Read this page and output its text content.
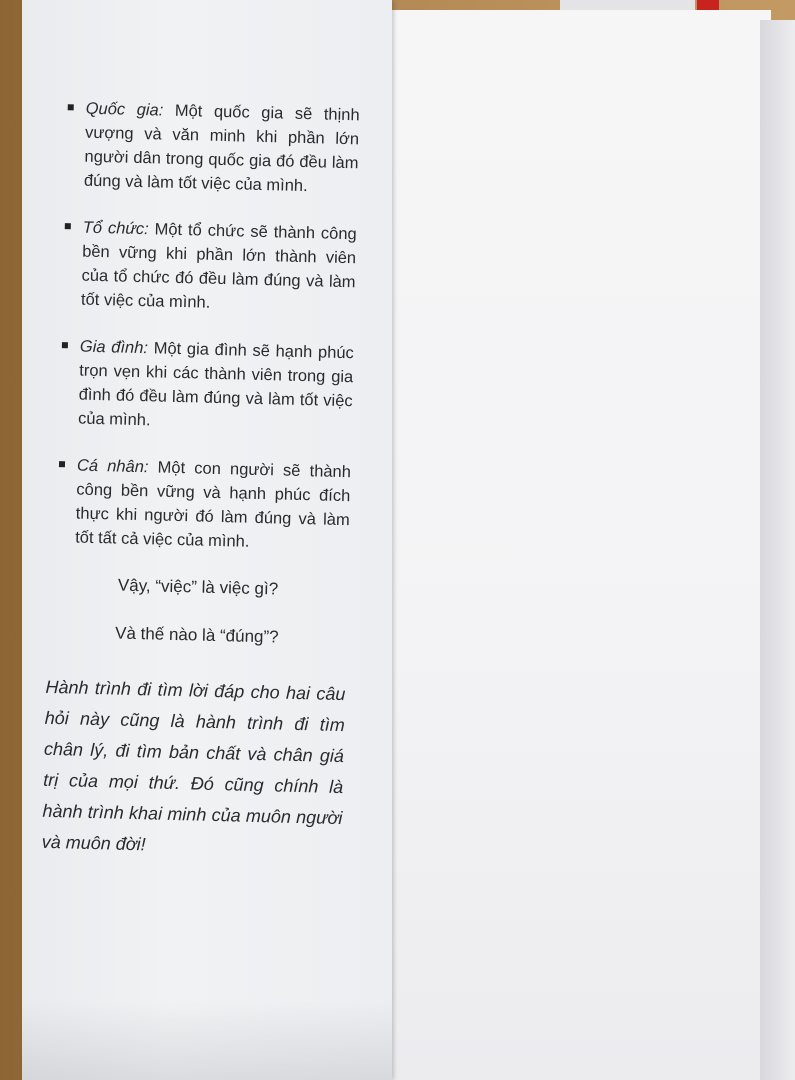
Quốc gia: Một quốc gia sẽ thịnh vượng và văn minh khi phần lớn người dân trong quốc gia đó đều làm đúng và làm tốt việc của mình.
Tổ chức: Một tổ chức sẽ thành công bền vững khi phần lớn thành viên của tổ chức đó đều làm đúng và làm tốt việc của mình.
Gia đình: Một gia đình sẽ hạnh phúc trọn vẹn khi các thành viên trong gia đình đó đều làm đúng và làm tốt việc của mình.
Cá nhân: Một con người sẽ thành công bền vững và hạnh phúc đích thực khi người đó làm đúng và làm tốt tất cả việc của mình.
Vậy, “việc” là việc gì?
Và thế nào là “đúng”?
Hành trình đi tìm lời đáp cho hai câu hỏi này cũng là hành trình đi tìm chân lý, đi tìm bản chất và chân giá trị của mọi thứ. Đó cũng chính là hành trình khai minh của muôn người và muôn đời!
